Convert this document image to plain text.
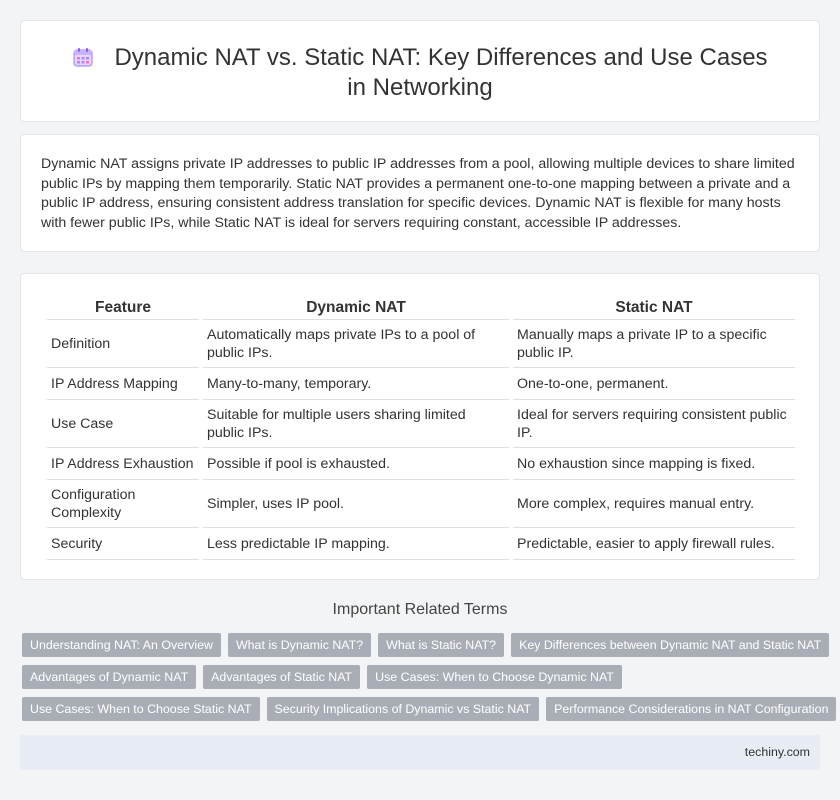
Dynamic NAT vs. Static NAT: Key Differences and Use Cases in Networking

Dynamic NAT assigns private IP addresses to public IP addresses from a pool, allowing multiple devices to share limited public IPs by mapping them temporarily. Static NAT provides a permanent one-to-one mapping between a private and a public IP address, ensuring consistent address translation for specific devices. Dynamic NAT is flexible for many hosts with fewer public IPs, while Static NAT is ideal for servers requiring constant, accessible IP addresses.

Feature	Dynamic NAT	Static NAT
Definition	Automatically maps private IPs to a pool of public IPs.	Manually maps a private IP to a specific public IP.
IP Address Mapping	Many-to-many, temporary.	One-to-one, permanent.
Use Case	Suitable for multiple users sharing limited public IPs.	Ideal for servers requiring consistent public IP.
IP Address Exhaustion	Possible if pool is exhausted.	No exhaustion since mapping is fixed.
Configuration Complexity	Simpler, uses IP pool.	More complex, requires manual entry.
Security	Less predictable IP mapping.	Predictable, easier to apply firewall rules.
Important Related Terms
Understanding NAT: An Overview	What is Dynamic NAT?	What is Static NAT?	Key Differences between Dynamic NAT and Static NAT
Advantages of Dynamic NAT	Advantages of Static NAT	Use Cases: When to Choose Dynamic NAT
Use Cases: When to Choose Static NAT	Security Implications of Dynamic vs Static NAT	Performance Considerations in NAT Configuration
techiny.com
